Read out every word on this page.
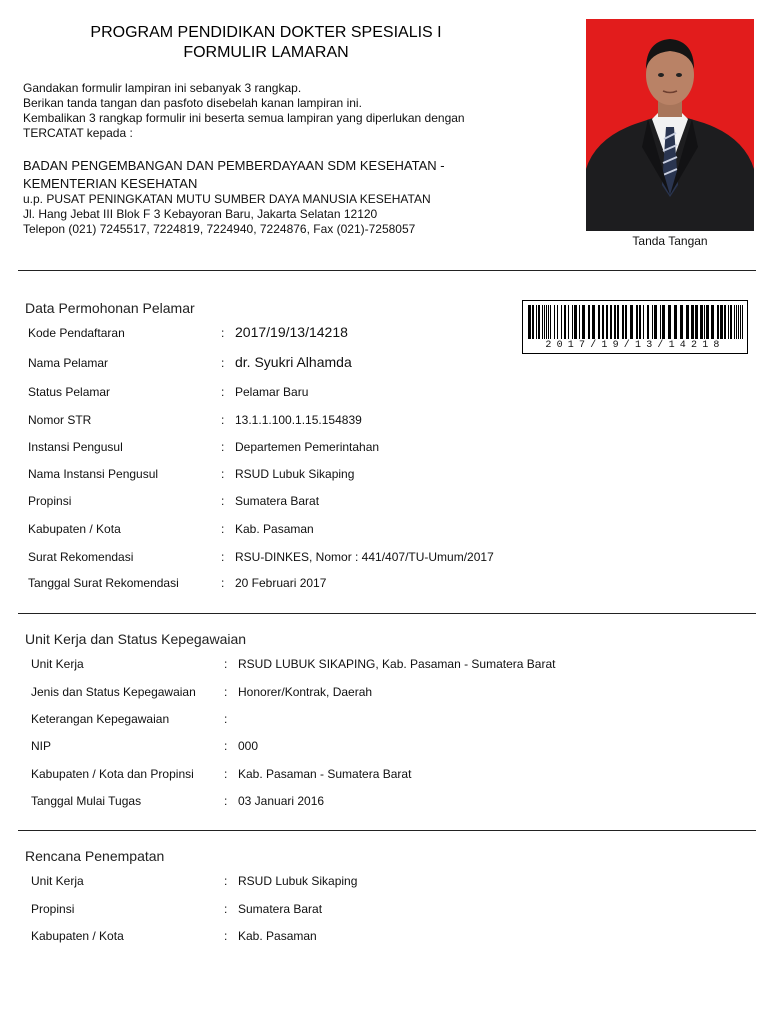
PROGRAM PENDIDIKAN DOKTER SPESIALIS I
FORMULIR LAMARAN
Gandakan formulir lampiran ini sebanyak 3 rangkap.
Berikan tanda tangan dan pasfoto disebelah kanan lampiran ini.
Kembalikan 3 rangkap formulir ini beserta semua lampiran yang diperlukan dengan
TERCATAT kepada :
BADAN PENGEMBANGAN DAN PEMBERDAYAAN SDM KESEHATAN -
KEMENTERIAN KESEHATAN
u.p. PUSAT PENINGKATAN MUTU SUMBER DAYA MANUSIA KESEHATAN
Jl. Hang Jebat III Blok F 3 Kebayoran Baru, Jakarta Selatan 12120
Telepon (021) 7245517, 7224819, 7224940, 7224876, Fax (021)-7258057
Tanda Tangan
Data Permohonan Pelamar
2017/19/13/14218
Kode Pendaftaran	: 2017/19/13/14218
Nama Pelamar	: dr. Syukri Alhamda
Status Pelamar	: Pelamar Baru
Nomor STR	: 13.1.1.100.1.15.154839
Instansi Pengusul	: Departemen Pemerintahan
Nama Instansi Pengusul	: RSUD Lubuk Sikaping
Propinsi	: Sumatera Barat
Kabupaten / Kota	: Kab. Pasaman
Surat Rekomendasi	: RSU-DINKES, Nomor : 441/407/TU-Umum/2017
Tanggal Surat Rekomendasi	: 20 Februari 2017
Unit Kerja dan Status Kepegawaian
Unit Kerja	: RSUD LUBUK SIKAPING, Kab. Pasaman - Sumatera Barat
Jenis dan Status Kepegawaian : Honorer/Kontrak, Daerah
Keterangan Kepegawaian	:
NIP	: 000
Kabupaten / Kota dan Propinsi	: Kab. Pasaman - Sumatera Barat
Tanggal Mulai Tugas	: 03 Januari 2016
Rencana Penempatan
Unit Kerja	: RSUD Lubuk Sikaping
Propinsi	: Sumatera Barat
Kabupaten / Kota	: Kab. Pasaman
